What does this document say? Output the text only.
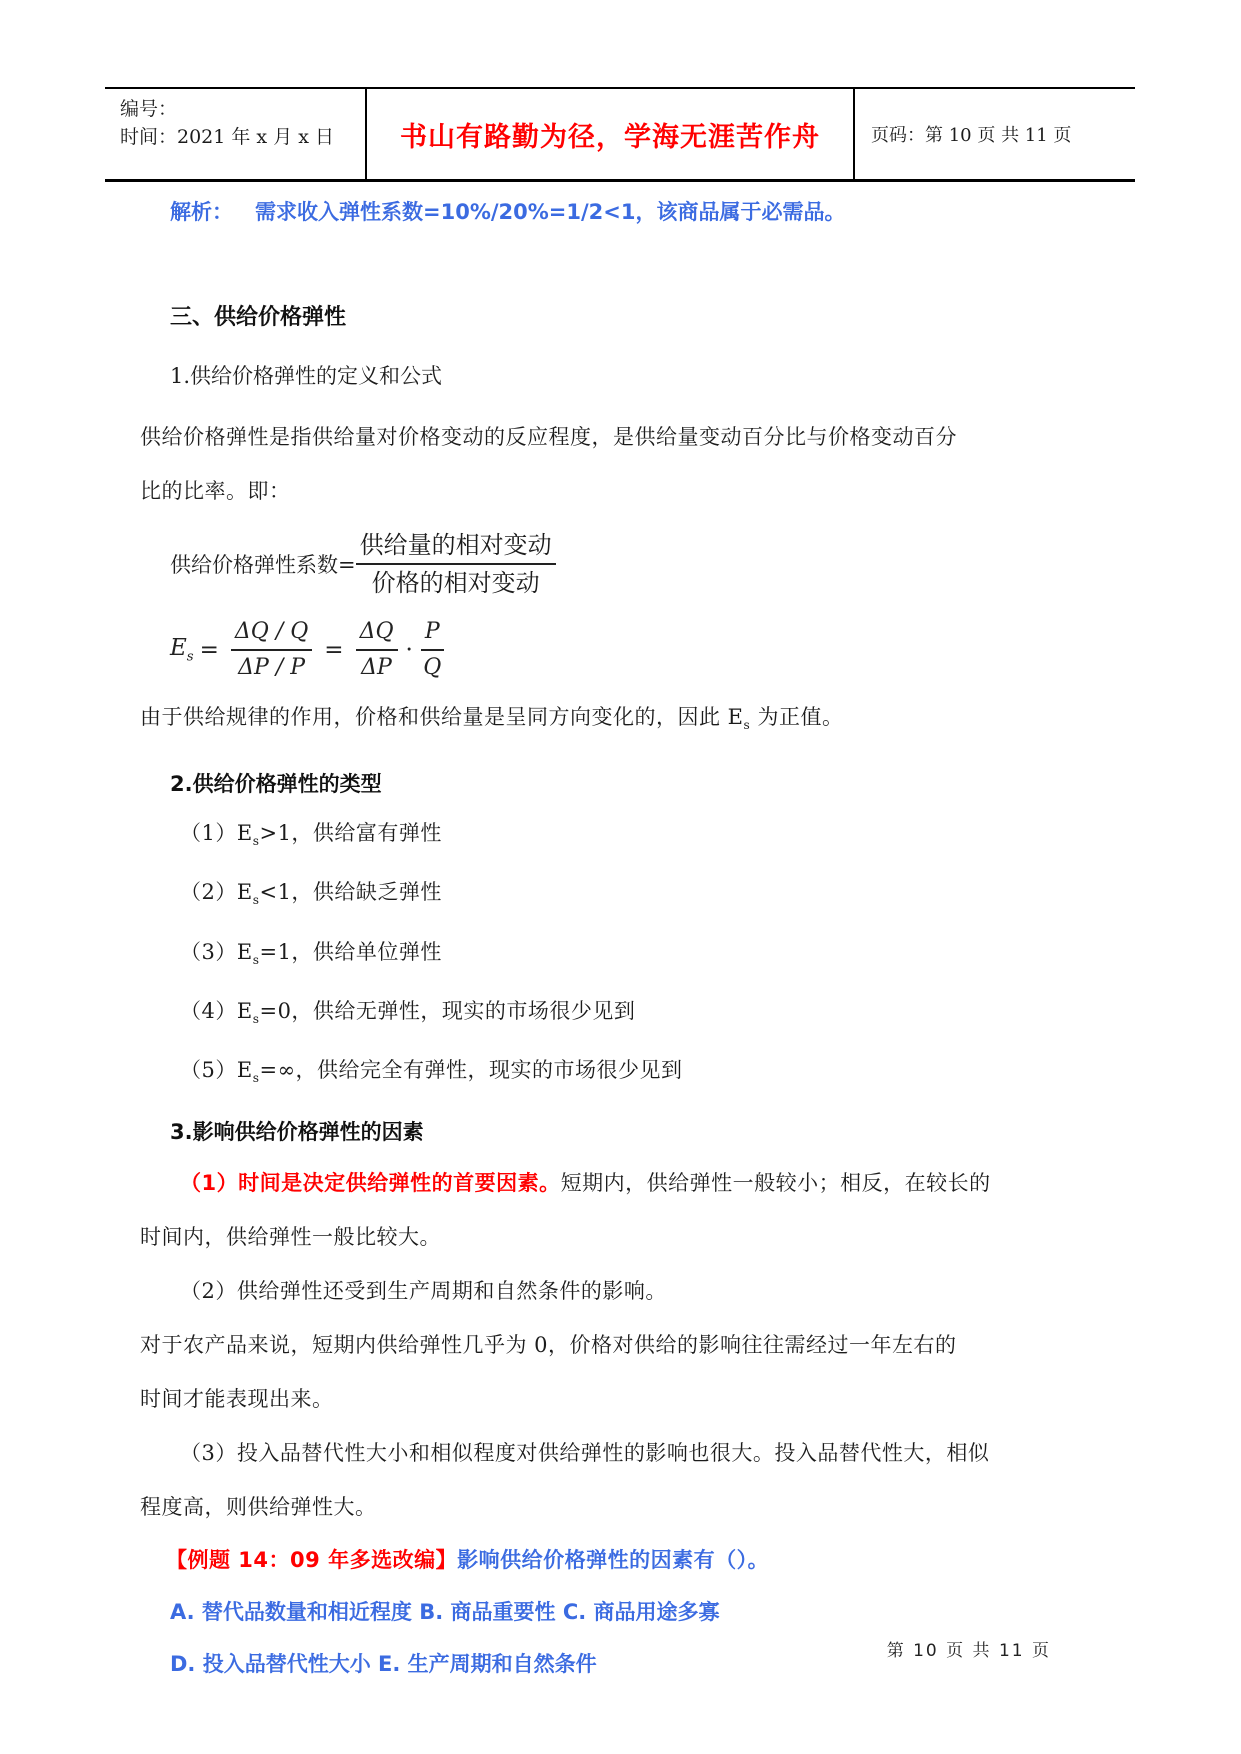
编号：
时间：2021 年 x 月 x 日	书山有路勤为径，学海无涯苦作舟	页码：第 10 页 共 11 页
解析： 需求收入弹性系数=10%/20%=1/2<1，该商品属于必需品。
三、供给价格弹性
1.供给价格弹性的定义和公式
供给价格弹性是指供给量对价格变动的反应程度，是供给量变动百分比与价格变动百分
比的比率。即：
供给价格弹性系数= $\frac{\text{供给量的相对变动}}{\text{价格的相对变动}}$
$E_s = \frac{\Delta Q / Q}{\Delta P / P} = \frac{\Delta Q}{\Delta P} \cdot \frac{P}{Q}$
由于供给规律的作用，价格和供给量是呈同方向变化的，因此 $E_s$ 为正值。
2.供给价格弹性的类型
$(1)E_s>1$，供给富有弹性
$(2)E_s<1$，供给缺乏弹性
$(3)E_s=1$，供给单位弹性
$(4)E_s=0$，供给无弹性，现实的市场很少见到
$(5)E_s=\infty$，供给完全有弹性，现实的市场很少见到
3.影响供给价格弹性的因素
（1）时间是决定供给弹性的首要因素。短期内，供给弹性一般较小；相反，在较长的
时间内，供给弹性一般比较大。
（2）供给弹性还受到生产周期和自然条件的影响。
对于农产品来说，短期内供给弹性几乎为 0，价格对供给的影响往往需经过一年左右的
时间才能表现出来。
（3）投入品替代性大小和相似程度对供给弹性的影响也很大。投入品替代性大，相似
程度高，则供给弹性大。
【例题 14：09 年多选改编】影响供给价格弹性的因素有（）。
A. 替代品数量和相近程度 B. 商品重要性 C. 商品用途多寡
D. 投入品替代性大小 E. 生产周期和自然条件
第 10 页 共 11 页
